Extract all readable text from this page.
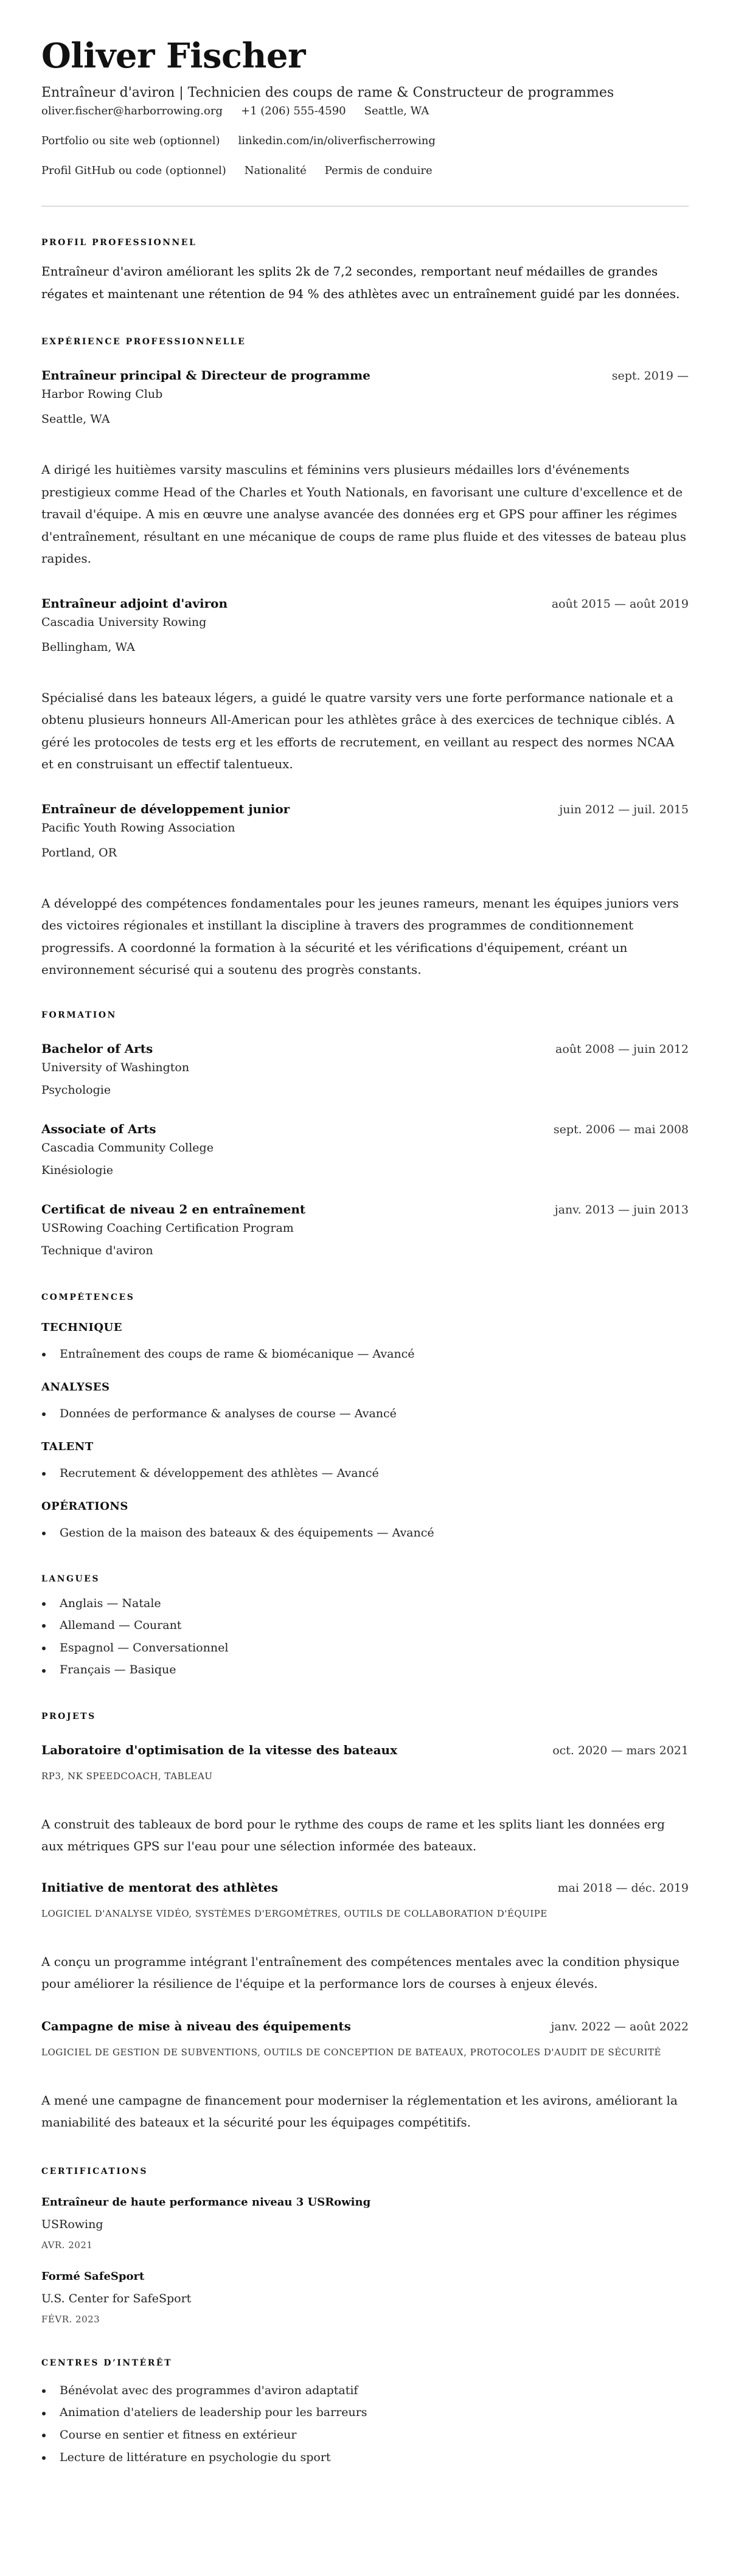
Oliver Fischer
Entraîneur d'aviron | Technicien des coups de rame & Constructeur de programmes
oliver.fischer@harborrowing.org +1 (206) 555-4590 Seattle, WA
Portfolio ou site web (optionnel) linkedin.com/in/oliverfischerrowing
Profil GitHub ou code (optionnel) Nationalité Permis de conduire
PROFIL PROFESSIONNEL

Entraîneur d'aviron améliorant les splits 2k de 7,2 secondes, remportant neuf médailles de grandes régates et maintenant une rétention de 94 % des athlètes avec un entraînement guidé par les données.

EXPÉRIENCE PROFESSIONNELLE
Entraîneur principal & Directeur de programme	sept. 2019 —
Harbor Rowing Club
Seattle, WA
A dirigé les huitièmes varsity masculins et féminins vers plusieurs médailles lors d'événements prestigieux comme Head of the Charles et Youth Nationals, en favorisant une culture d'excellence et de travail d'équipe. A mis en œuvre une analyse avancée des données erg et GPS pour affiner les régimes d'entraînement, résultant en une mécanique de coups de rame plus fluide et des vitesses de bateau plus rapides.
Entraîneur adjoint d'aviron	août 2015 — août 2019
Cascadia University Rowing
Bellingham, WA
Spécialisé dans les bateaux légers, a guidé le quatre varsity vers une forte performance nationale et a obtenu plusieurs honneurs All-American pour les athlètes grâce à des exercices de technique ciblés. A géré les protocoles de tests erg et les efforts de recrutement, en veillant au respect des normes NCAA et en construisant un effectif talentueux.
Entraîneur de développement junior	juin 2012 — juil. 2015
Pacific Youth Rowing Association
Portland, OR
A développé des compétences fondamentales pour les jeunes rameurs, menant les équipes juniors vers des victoires régionales et instillant la discipline à travers des programmes de conditionnement progressifs. A coordonné la formation à la sécurité et les vérifications d'équipement, créant un environnement sécurisé qui a soutenu des progrès constants.
FORMATION
Bachelor of Arts	août 2008 — juin 2012
University of Washington
Psychologie
Associate of Arts	sept. 2006 — mai 2008
Cascadia Community College
Kinésiologie
Certificat de niveau 2 en entraînement	janv. 2013 — juin 2013
USRowing Coaching Certification Program
Technique d'aviron
COMPÉTENCES
TECHNIQUE
Entraînement des coups de rame & biomécanique — Avancé
ANALYSES
Données de performance & analyses de course — Avancé
TALENT
Recrutement & développement des athlètes — Avancé
OPÉRATIONS
Gestion de la maison des bateaux & des équipements — Avancé
LANGUES
Anglais — Natale
Allemand — Courant
Espagnol — Conversationnel
Français — Basique
PROJETS
Laboratoire d'optimisation de la vitesse des bateaux	oct. 2020 — mars 2021
RP3, NK SPEEDCOACH, TABLEAU
A construit des tableaux de bord pour le rythme des coups de rame et les splits liant les données erg aux métriques GPS sur l'eau pour une sélection informée des bateaux.
Initiative de mentorat des athlètes	mai 2018 — déc. 2019
LOGICIEL D'ANALYSE VIDÉO, SYSTÈMES D'ERGOMÈTRES, OUTILS DE COLLABORATION D'ÉQUIPE
A conçu un programme intégrant l'entraînement des compétences mentales avec la condition physique pour améliorer la résilience de l'équipe et la performance lors de courses à enjeux élevés.
Campagne de mise à niveau des équipements	janv. 2022 — août 2022
LOGICIEL DE GESTION DE SUBVENTIONS, OUTILS DE CONCEPTION DE BATEAUX, PROTOCOLES D'AUDIT DE SÉCURITÉ
A mené une campagne de financement pour moderniser la réglementation et les avirons, améliorant la maniabilité des bateaux et la sécurité pour les équipages compétitifs.
CERTIFICATIONS
Entraîneur de haute performance niveau 3 USRowing
USRowing
AVR. 2021
Formé SafeSport
U.S. Center for SafeSport
FÉVR. 2023
CENTRES D’INTÉRÊT
Bénévolat avec des programmes d'aviron adaptatif
Animation d'ateliers de leadership pour les barreurs
Course en sentier et fitness en extérieur
Lecture de littérature en psychologie du sport
